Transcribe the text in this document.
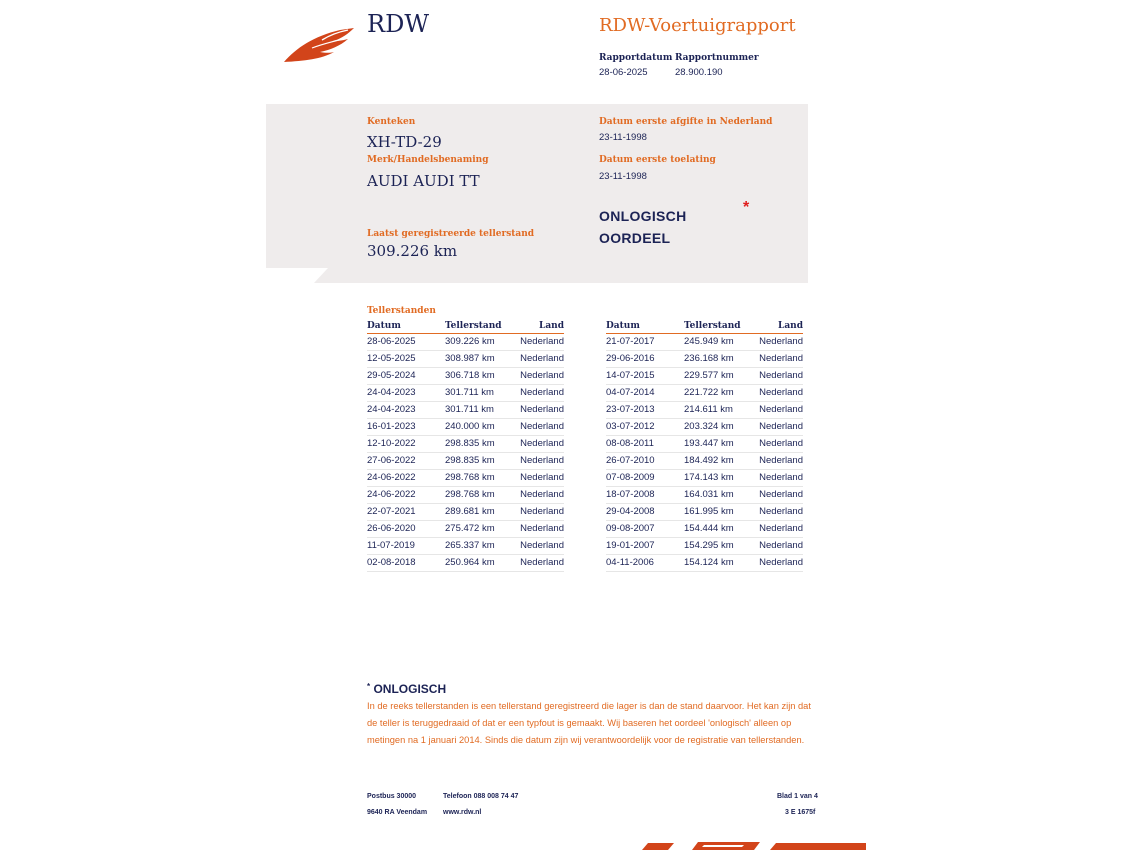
RDW	RDW-Voertuigrapport
Rapportdatum
28-06-2025
Rapportnummer
28.900.190
Kenteken
XH-TD-29
Merk/Handelsbenaming
AUDI AUDI TT
Laatst geregistreerde tellerstand
309.226 km
Datum eerste afgifte in Nederland
23-11-1998
Datum eerste toelating
23-11-1998
ONLOGISCH
OORDEEL
*
Tellerstanden
Datum	Tellerstand	Land
28-06-2025	309.226 km	Nederland
12-05-2025	308.987 km	Nederland
29-05-2024	306.718 km	Nederland
24-04-2023	301.711 km	Nederland
24-04-2023	301.711 km	Nederland
16-01-2023	240.000 km	Nederland
12-10-2022	298.835 km	Nederland
27-06-2022	298.835 km	Nederland
24-06-2022	298.768 km	Nederland
24-06-2022	298.768 km	Nederland
22-07-2021	289.681 km	Nederland
26-06-2020	275.472 km	Nederland
11-07-2019	265.337 km	Nederland
02-08-2018	250.964 km	Nederland
Datum	Tellerstand	Land
21-07-2017	245.949 km	Nederland
29-06-2016	236.168 km	Nederland
14-07-2015	229.577 km	Nederland
04-07-2014	221.722 km	Nederland
23-07-2013	214.611 km	Nederland
03-07-2012	203.324 km	Nederland
08-08-2011	193.447 km	Nederland
26-07-2010	184.492 km	Nederland
07-08-2009	174.143 km	Nederland
18-07-2008	164.031 km	Nederland
29-04-2008	161.995 km	Nederland
09-08-2007	154.444 km	Nederland
19-01-2007	154.295 km	Nederland
04-11-2006	154.124 km	Nederland
* ONLOGISCH
In de reeks tellerstanden is een tellerstand geregistreerd die lager is dan de stand daarvoor. Het kan zijn dat de teller is teruggedraaid of dat er een typfout is gemaakt. Wij baseren het oordeel 'onlogisch' alleen op metingen na 1 januari 2014. Sinds die datum zijn wij verantwoordelijk voor de registratie van tellerstanden.
Postbus 30000
9640 RA Veendam
Telefoon 088 008 74 47
www.rdw.nl
Blad 1 van 4
3 E 1675f
